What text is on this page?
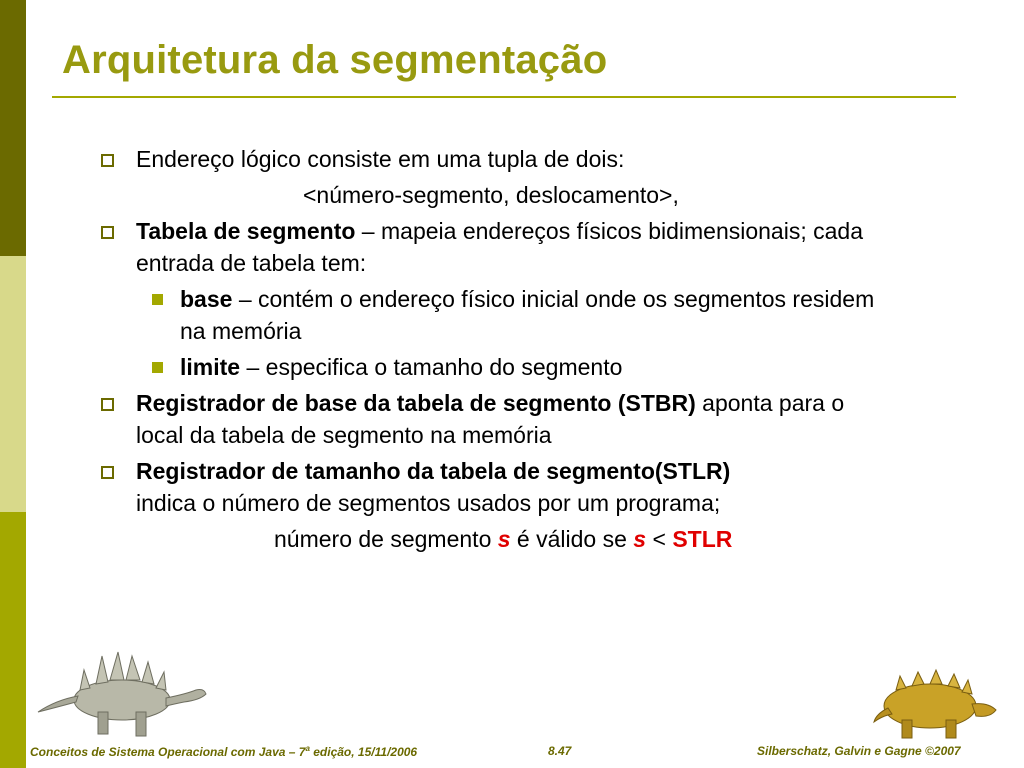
Arquitetura da segmentação
Endereço lógico consiste em uma tupla de dois:
<número-segmento, deslocamento>,
Tabela de segmento – mapeia endereços físicos bidimensionais; cada entrada de tabela tem:
base – contém o endereço físico inicial onde os segmentos residem na memória
limite – especifica o tamanho do segmento
Registrador de base da tabela de segmento (STBR) aponta para o local da tabela de segmento na memória
Registrador de tamanho da tabela de segmento(STLR) indica o número de segmentos usados por um programa;
número de segmento s é válido se s < STLR
Conceitos de Sistema Operacional com Java – 7$^a$ edição, 15/11/2006	8.47	Silberschatz, Galvin e Gagne ©2007
